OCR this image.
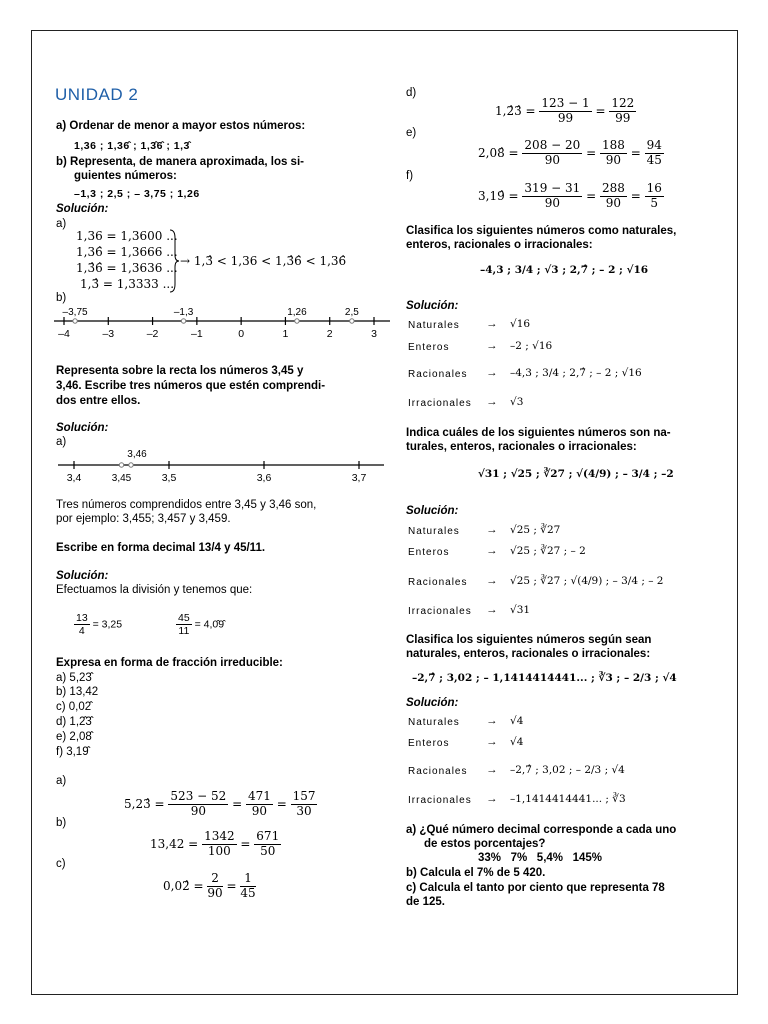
UNIDAD 2
a) Ordenar de menor a mayor estos números:
1,36 ; 1,36̂ ; 1,3̂6̂ ; 1,3̂
b) Representa, de manera aproximada, los si-
guientes números:
–1,3 ; 2,5 ; – 3,75 ; 1,26
Solución:
a)
1,36 = 1,3600 ...
1,36̂ = 1,3666 ...
1,3̂6̂ = 1,3636 ...
1,3̂ = 1,3333 ...
→ 1,3̂ < 1,36 < 1,3̂6̂ < 1,36̂
b)
–4	–3	–2	–1	0	1	2	3
–3,75	–1,3	1,26	2,5
Representa sobre la recta los números 3,45 y
3,46. Escribe tres números que estén comprendi-
dos entre ellos.
Solución:
a)
3,4	3,5	3,6	3,7
3,45
3,46
Tres números comprendidos entre 3,45 y 3,46 son,
por ejemplo: 3,455; 3,457 y 3,459.
Escribe en forma decimal 13/4 y 45/11.
Solución:
Efectuamos la división y tenemos que:
$\frac{13}{4} = 3,25$	$\frac{45}{11}$ = 4,0̂9̂
Expresa en forma de fracción irreducible:
a) 5,23̂
b) 13,42
c) 0,02̂
d) 1,2̂3̂
e) 2,08̂
f) 3,19̂
a)
5,23̂ = $\frac{523 - 52}{90} = \frac{471}{90} = \frac{157}{30}$
b)
$13,42 = \frac{1342}{100} = \frac{671}{50}$
c)
0,02̂ = $\frac{2}{90} = \frac{1}{45}$
d)
1,2̂3̂ = $\frac{123 - 1}{99} = \frac{122}{99}$
e)
2,08̂ = $\frac{208 - 20}{90} = \frac{188}{90} = \frac{94}{45}$
f)
3,19̂ = $\frac{319 - 31}{90} = \frac{288}{90} = \frac{16}{5}$
Clasifica los siguientes números como naturales,
enteros, racionales o irracionales:
–4,3 ; 3/4 ; √3 ; 2,7̂ ; – 2 ; √16
Solución:
Naturales → √16
Enteros	→ –2 ; √16
Racionales → –4,3 ; 3/4 ; 2,7̂ ; – 2 ; √16
Irracionales → √3
Indica cuáles de los siguientes números son na-
turales, enteros, racionales o irracionales:
√31 ; √25 ; ∛27 ; √(4/9) ; – 3/4 ; –2
Solución:
Naturales → √25 ; ∛27
Enteros	→ √25 ; ∛27 ; – 2
Racionales → √25 ; ∛27 ; √(4/9) ; – 3/4 ; – 2
Irracionales → √31
Clasifica los siguientes números según sean
naturales, enteros, racionales o irracionales:
–2,7̂ ; 3,02 ; – 1,1414414441... ; ∛3 ; – 2/3 ; √4
Solución:
Naturales → √4
Enteros	→ √4
Racionales → –2,7̂ ; 3,02 ; – 2/3 ; √4
Irracionales → –1,1414414441... ; ∛3
a) ¿Qué número decimal corresponde a cada uno
de estos porcentajes?
33%   7%   5,4%   145%
b) Calcula el 7% de 5 420.
c) Calcula el tanto por ciento que representa 78
de 125.
